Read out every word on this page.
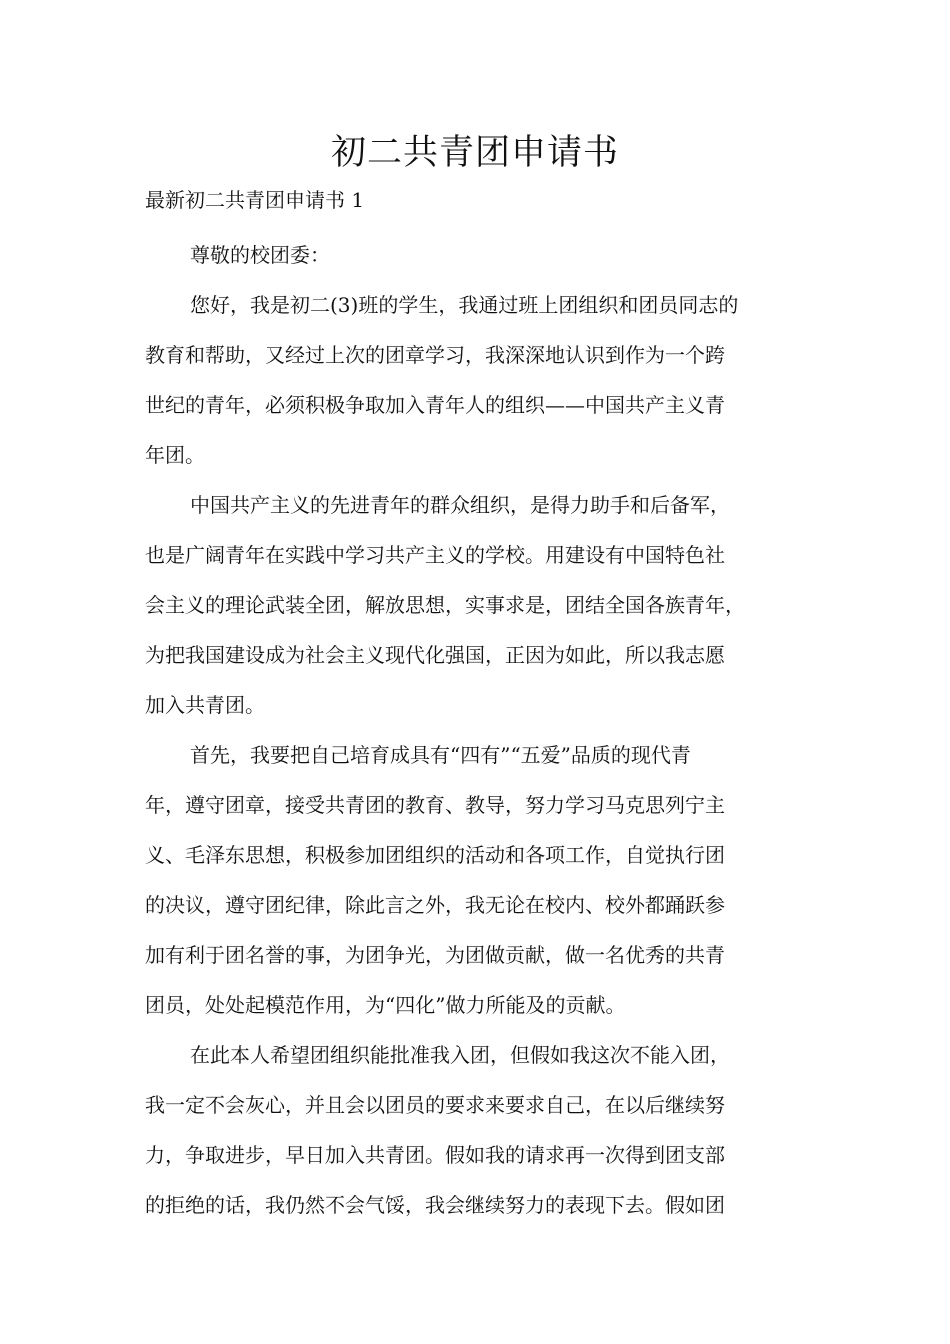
初二共青团申请书

最新初二共青团申请书 1

尊敬的校团委：

您好，我是初二(3)班的学生，我通过班上团组织和团员同志的
教育和帮助，又经过上次的团章学习，我深深地认识到作为一个跨
世纪的青年，必须积极争取加入青年人的组织——中国共产主义青
年团。

中国共产主义的先进青年的群众组织，是得力助手和后备军，
也是广阔青年在实践中学习共产主义的学校。用建设有中国特色社
会主义的理论武装全团，解放思想，实事求是，团结全国各族青年，
为把我国建设成为社会主义现代化强国，正因为如此，所以我志愿
加入共青团。

首先，我要把自己培育成具有“四有”“五爱”品质的现代青
年，遵守团章，接受共青团的教育、教导，努力学习马克思列宁主
义、毛泽东思想，积极参加团组织的活动和各项工作，自觉执行团
的决议，遵守团纪律，除此言之外，我无论在校内、校外都踊跃参
加有利于团名誉的事，为团争光，为团做贡献，做一名优秀的共青
团员，处处起模范作用，为“四化”做力所能及的贡献。

在此本人希望团组织能批准我入团，但假如我这次不能入团，
我一定不会灰心，并且会以团员的要求来要求自己，在以后继续努
力，争取进步，早日加入共青团。假如我的请求再一次得到团支部
的拒绝的话，我仍然不会气馁，我会继续努力的表现下去。假如团
